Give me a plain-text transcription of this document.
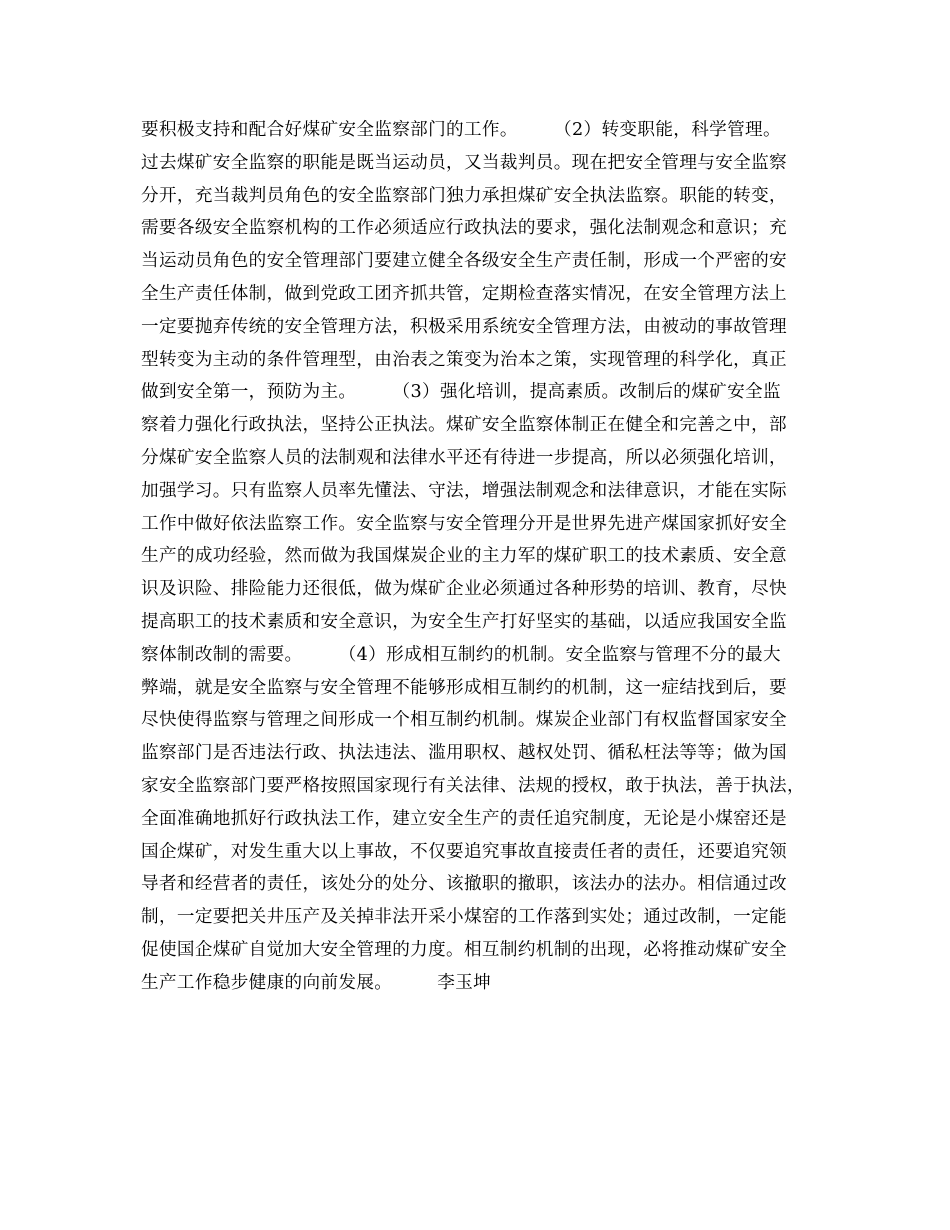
要积极支持和配合好煤矿安全监察部门的工作。　　　（2）转变职能，科学管理。
过去煤矿安全监察的职能是既当运动员，又当裁判员。现在把安全管理与安全监察
分开，充当裁判员角色的安全监察部门独力承担煤矿安全执法监察。职能的转变，
需要各级安全监察机构的工作必须适应行政执法的要求，强化法制观念和意识；充
当运动员角色的安全管理部门要建立健全各级安全生产责任制，形成一个严密的安
全生产责任体制，做到党政工团齐抓共管，定期检查落实情况，在安全管理方法上
一定要抛弃传统的安全管理方法，积极采用系统安全管理方法，由被动的事故管理
型转变为主动的条件管理型，由治表之策变为治本之策，实现管理的科学化，真正
做到安全第一，预防为主。　　　（3）强化培训，提高素质。改制后的煤矿安全监
察着力强化行政执法，坚持公正执法。煤矿安全监察体制正在健全和完善之中，部
分煤矿安全监察人员的法制观和法律水平还有待进一步提高，所以必须强化培训，
加强学习。只有监察人员率先懂法、守法，增强法制观念和法律意识，才能在实际
工作中做好依法监察工作。安全监察与安全管理分开是世界先进产煤国家抓好安全
生产的成功经验，然而做为我国煤炭企业的主力军的煤矿职工的技术素质、安全意
识及识险、排险能力还很低，做为煤矿企业必须通过各种形势的培训、教育，尽快
提高职工的技术素质和安全意识，为安全生产打好坚实的基础，以适应我国安全监
察体制改制的需要。　　　（4）形成相互制约的机制。安全监察与管理不分的最大
弊端，就是安全监察与安全管理不能够形成相互制约的机制，这一症结找到后，要
尽快使得监察与管理之间形成一个相互制约机制。煤炭企业部门有权监督国家安全
监察部门是否违法行政、执法违法、滥用职权、越权处罚、循私枉法等等；做为国
家安全监察部门要严格按照国家现行有关法律、法规的授权，敢于执法，善于执法，
全面准确地抓好行政执法工作，建立安全生产的责任追究制度，无论是小煤窑还是
国企煤矿，对发生重大以上事故，不仅要追究事故直接责任者的责任，还要追究领
导者和经营者的责任，该处分的处分、该撤职的撤职，该法办的法办。相信通过改
制，一定要把关井压产及关掉非法开采小煤窑的工作落到实处；通过改制，一定能
促使国企煤矿自觉加大安全管理的力度。相互制约机制的出现，必将推动煤矿安全
生产工作稳步健康的向前发展。　　　李玉坤
